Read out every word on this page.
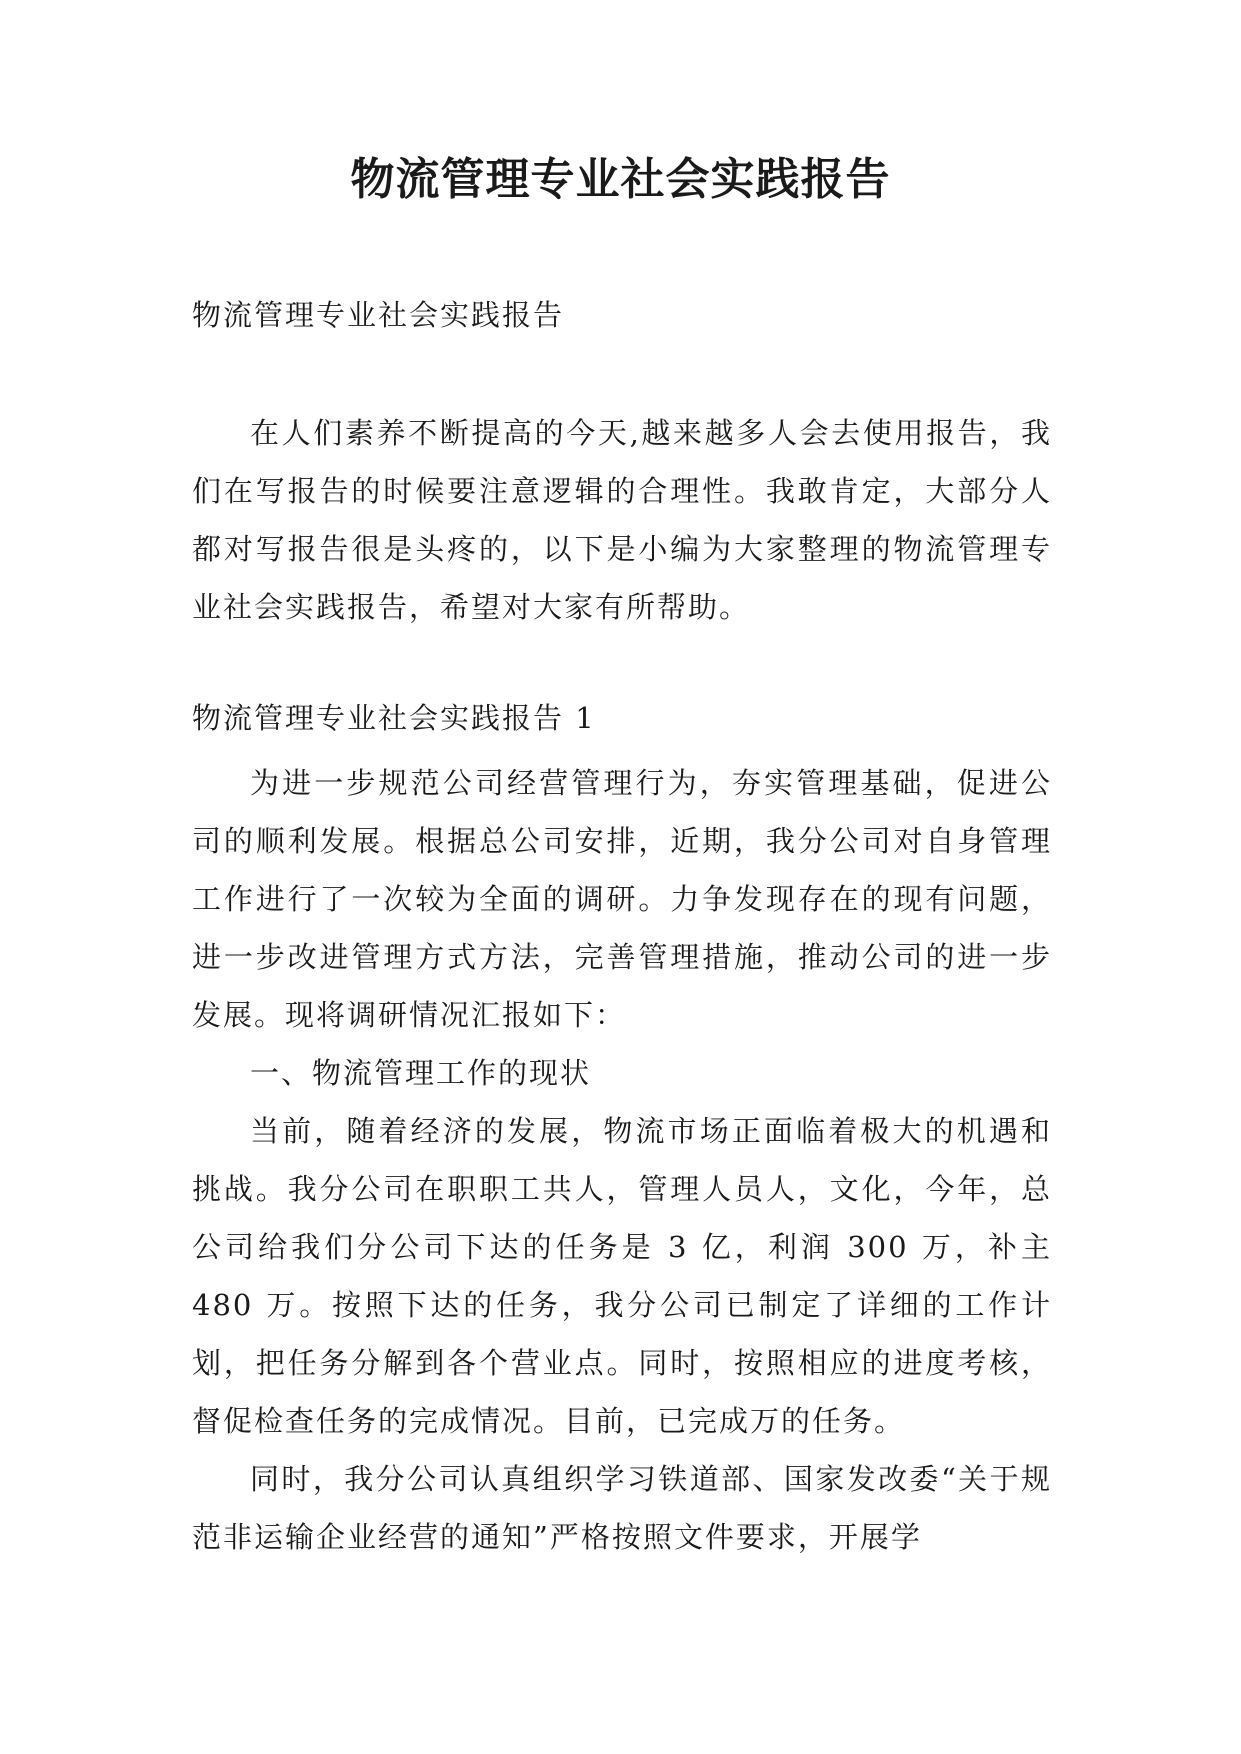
物流管理专业社会实践报告
物流管理专业社会实践报告

在人们素养不断提高的今天,越来越多人会去使用报告，我们在写报告的时候要注意逻辑的合理性。我敢肯定，大部分人都对写报告很是头疼的，以下是小编为大家整理的物流管理专业社会实践报告，希望对大家有所帮助。

物流管理专业社会实践报告 1

为进一步规范公司经营管理行为，夯实管理基础，促进公司的顺利发展。根据总公司安排，近期，我分公司对自身管理工作进行了一次较为全面的调研。力争发现存在的现有问题，进一步改进管理方式方法，完善管理措施，推动公司的进一步发展。现将调研情况汇报如下：

一、物流管理工作的现状

当前，随着经济的发展，物流市场正面临着极大的机遇和挑战。我分公司在职职工共人，管理人员人，文化，今年，总公司给我们分公司下达的任务是 3 亿，利润 300 万，补主 480 万。按照下达的任务，我分公司已制定了详细的工作计划，把任务分解到各个营业点。同时，按照相应的进度考核，督促检查任务的完成情况。目前，已完成万的任务。

同时，我分公司认真组织学习铁道部、国家发改委“关于规范非运输企业经营的通知”严格按照文件要求，开展学
